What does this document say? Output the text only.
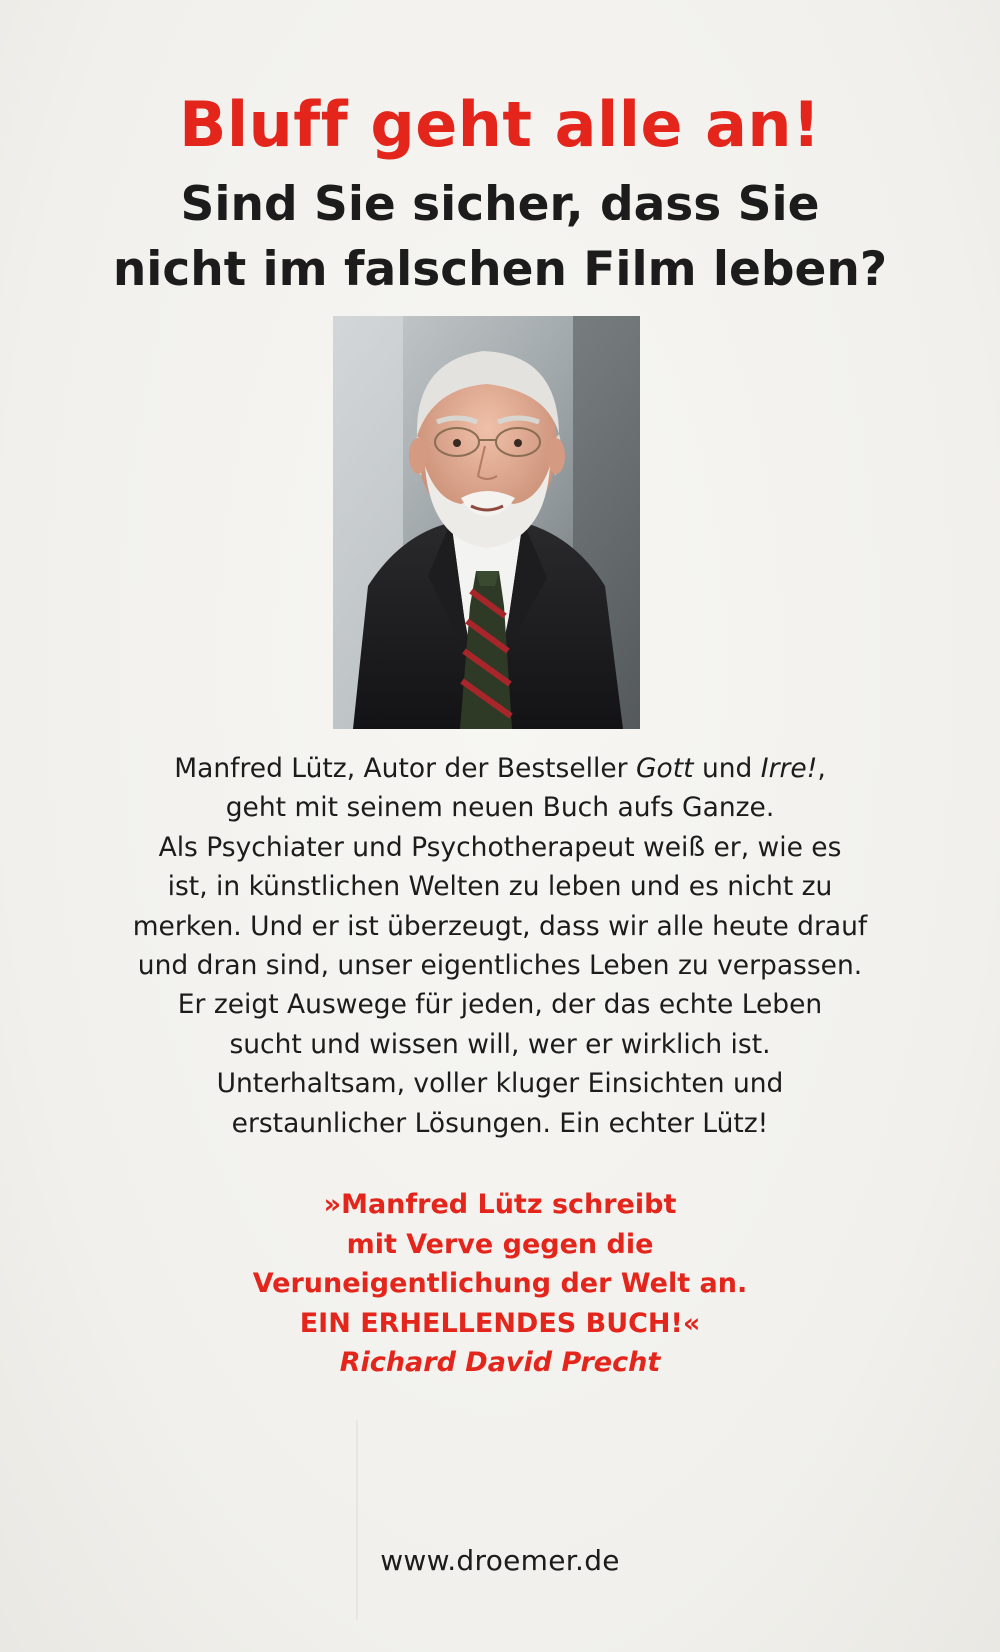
Bluff geht alle an!
Sind Sie sicher, dass Sie
nicht im falschen Film leben?
Manfred Lütz, Autor der Bestseller Gott und Irre!,
geht mit seinem neuen Buch aufs Ganze.
Als Psychiater und Psychotherapeut weiß er, wie es
ist, in künstlichen Welten zu leben und es nicht zu
merken. Und er ist überzeugt, dass wir alle heute drauf
und dran sind, unser eigentliches Leben zu verpassen.
Er zeigt Auswege für jeden, der das echte Leben
sucht und wissen will, wer er wirklich ist.
Unterhaltsam, voller kluger Einsichten und
erstaunlicher Lösungen. Ein echter Lütz!
»Manfred Lütz schreibt
mit Verve gegen die
Veruneigentlichung der Welt an.
EIN ERHELLENDES BUCH!«
Richard David Precht
www.droemer.de
